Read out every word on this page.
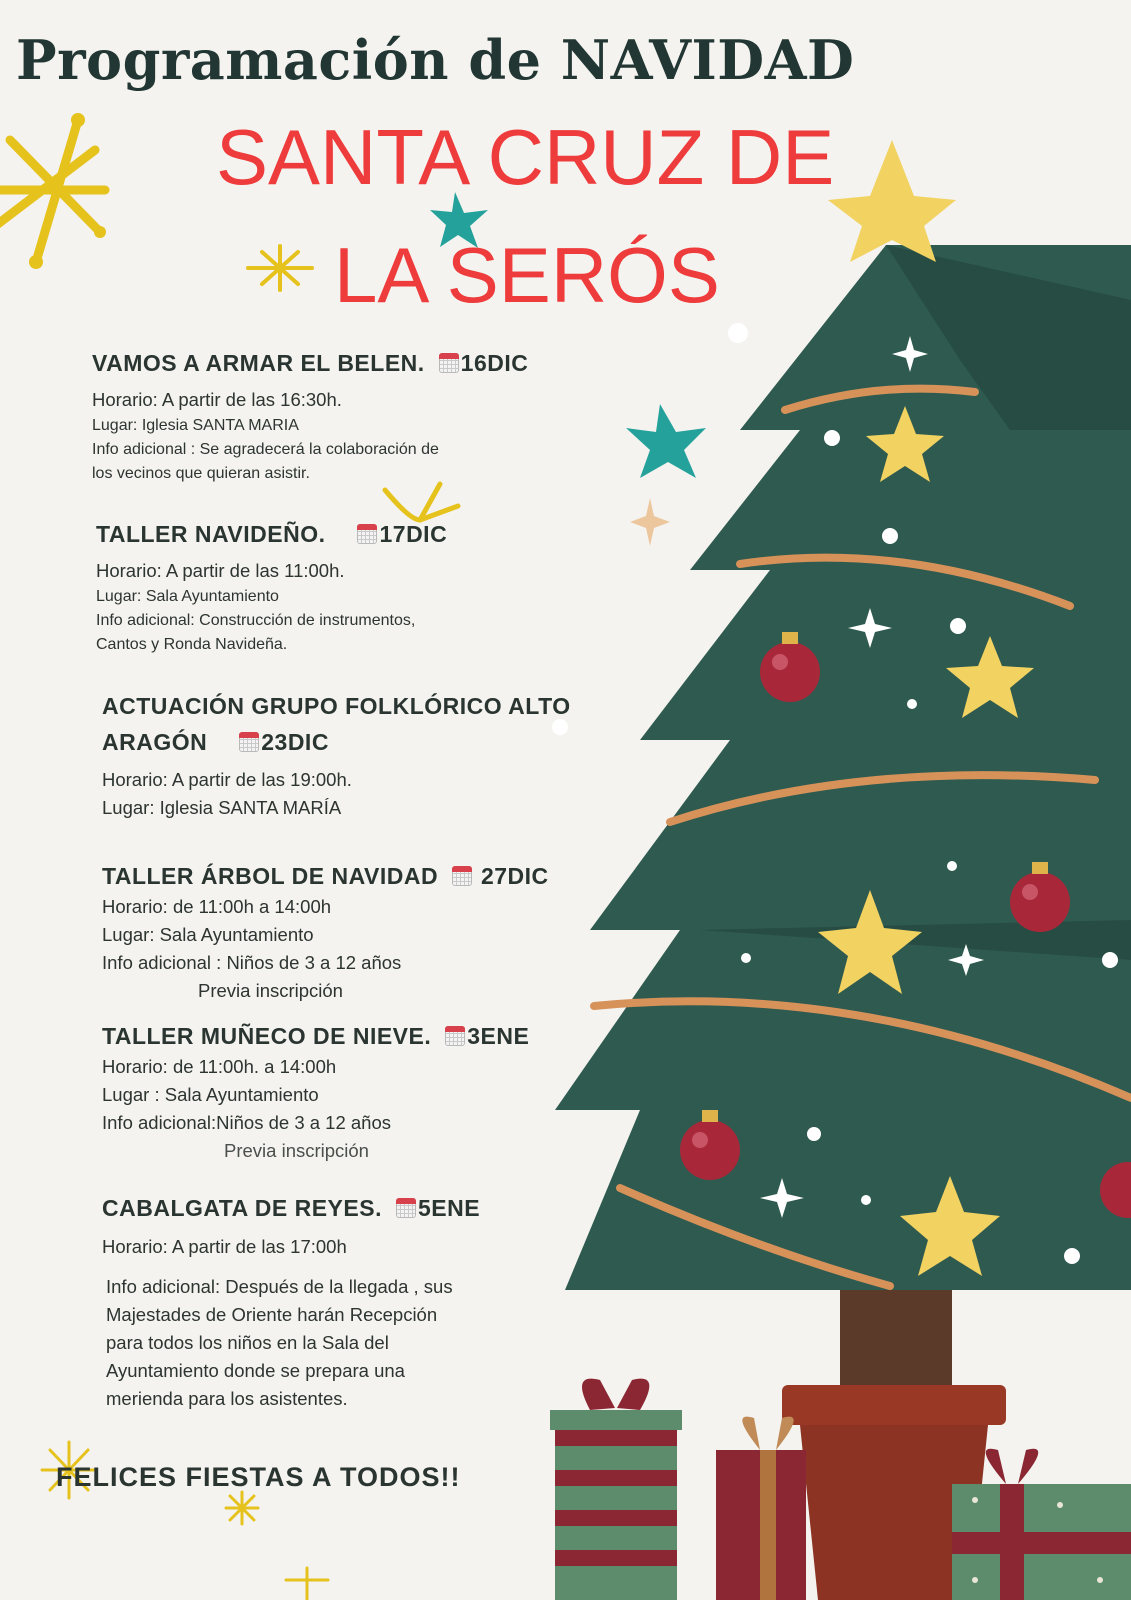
Programación de NAVIDAD
SANTA CRUZ DE
LA SERÓS
VAMOS A ARMAR EL BELEN. 16DIC
Horario: A partir de las 16:30h.
Lugar: Iglesia SANTA MARIA
Info adicional : Se agradecerá la colaboración de
los vecinos que quieran asistir.
TALLER NAVIDEÑO. 17DIC
Horario: A partir de las 11:00h.
Lugar: Sala Ayuntamiento
Info adicional: Construcción de instrumentos,
Cantos y Ronda Navideña.
ACTUACIÓN GRUPO FOLKLÓRICO ALTO ARAGÓN 23DIC
Horario: A partir de las 19:00h.
Lugar: Iglesia SANTA MARÍA
TALLER ÁRBOL DE NAVIDAD 27DIC
Horario: de 11:00h a 14:00h
Lugar: Sala Ayuntamiento
Info adicional : Niños de 3 a 12 años
Previa inscripción
TALLER MUÑECO DE NIEVE. 3ENE
Horario: de 11:00h. a 14:00h
Lugar : Sala Ayuntamiento
Info adicional:Niños de 3 a 12 años
Previa inscripción
CABALGATA DE REYES. 5ENE
Horario: A partir de las 17:00h
Info adicional: Después de la llegada , sus
Majestades de Oriente harán Recepción
para todos los niños en la Sala del
Ayuntamiento donde se prepara una
merienda para los asistentes.

FELICES FIESTAS A TODOS!!
